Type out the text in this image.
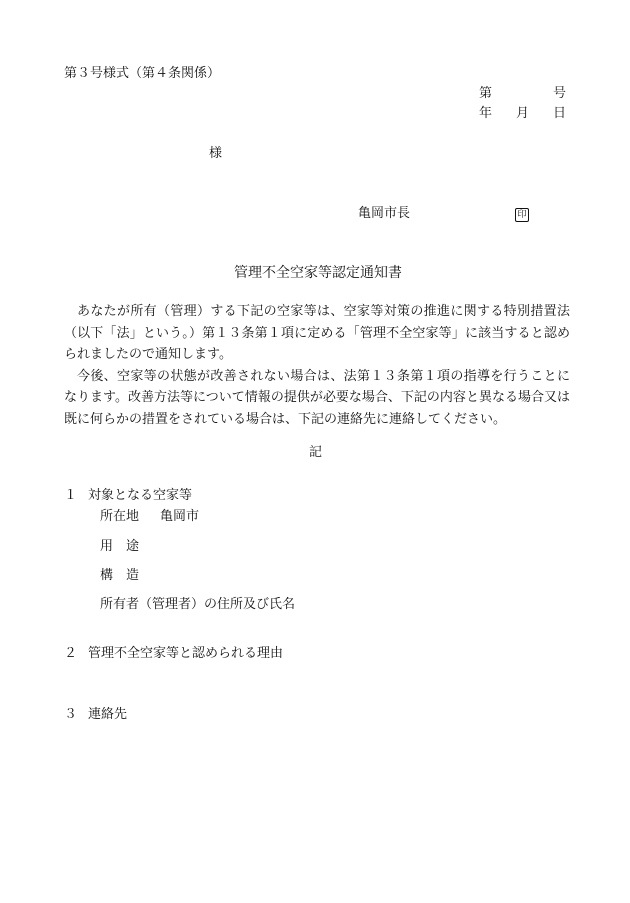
第３号様式（第４条関係）
第	号
年 月 日
様
亀岡市長	印
管理不全空家等認定通知書

あなたが所有（管理）する下記の空家等は、空家等対策の推進に関する特別措置法（以下「法」という。）第１３条第１項に定める「管理不全空家等」に該当すると認められましたので通知します。

今後、空家等の状態が改善されない場合は、法第１３条第１項の指導を行うことになります。改善方法等について情報の提供が必要な場合、下記の内容と異なる場合又は既に何らかの措置をされている場合は、下記の連絡先に連絡してください。

記
１ 対象となる空家等
所在地 亀岡市
用　途
構　造
所有者（管理者）の住所及び氏名
２ 管理不全空家等と認められる理由
３ 連絡先
